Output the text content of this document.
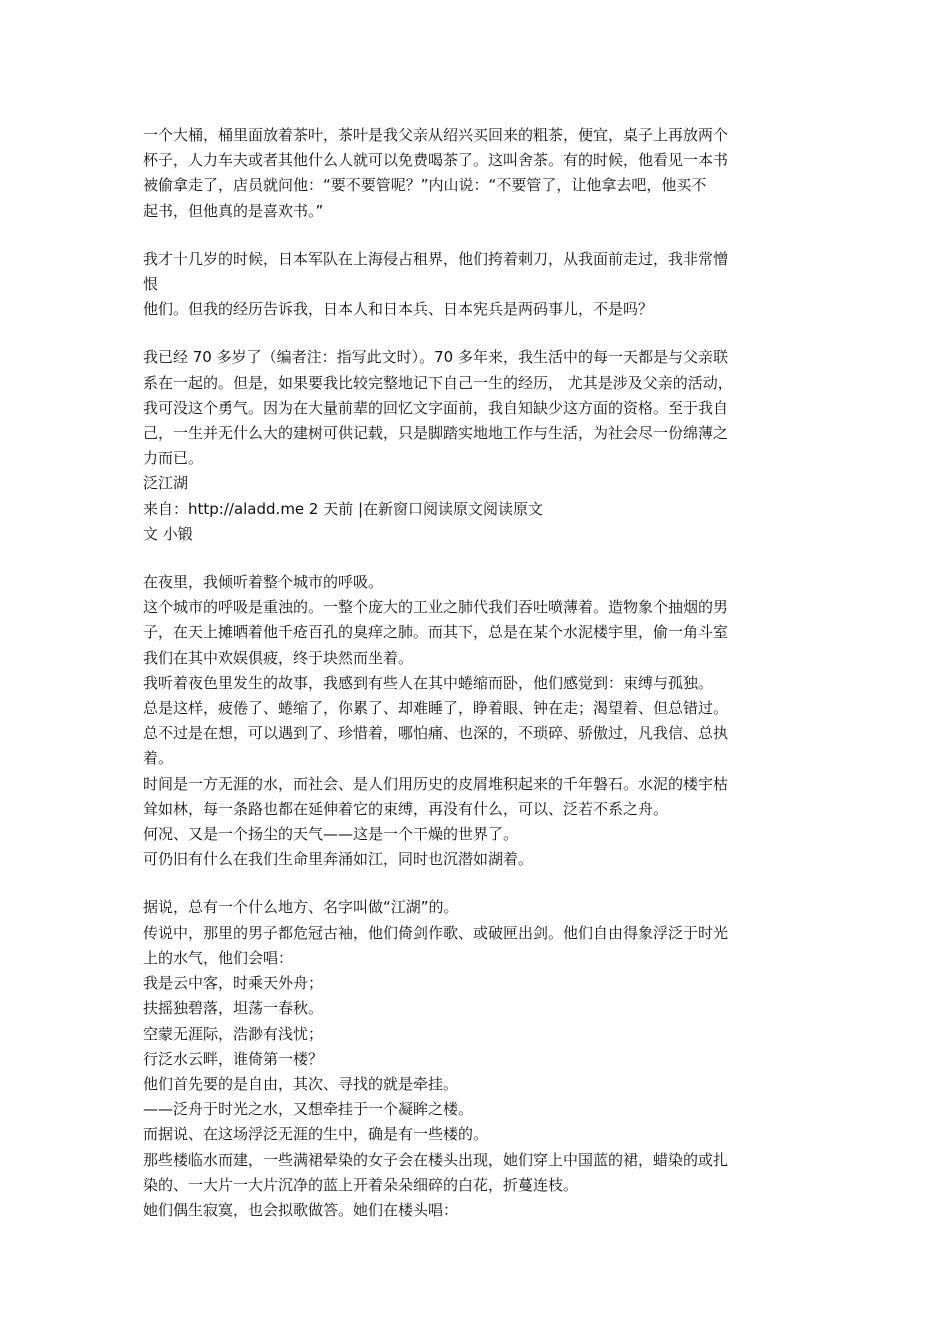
一个大桶，桶里面放着茶叶，茶叶是我父亲从绍兴买回来的粗茶，便宜，桌子上再放两个
杯子，人力车夫或者其他什么人就可以免费喝茶了。这叫舍茶。有的时候，他看见一本书
被偷拿走了，店员就问他：“要不要管呢？”内山说：“不要管了，让他拿去吧，他买不
起书，但他真的是喜欢书。”
我才十几岁的时候，日本军队在上海侵占租界，他们挎着刺刀，从我面前走过，我非常憎
恨
他们。但我的经历告诉我，日本人和日本兵、日本宪兵是两码事儿，不是吗？
我已经 70 多岁了（编者注：指写此文时）。70 多年来，我生活中的每一天都是与父亲联
系在一起的。但是，如果要我比较完整地记下自己一生的经历， 尤其是涉及父亲的活动，
我可没这个勇气。因为在大量前辈的回忆文字面前，我自知缺少这方面的资格。至于我自
己，一生并无什么大的建树可供记载，只是脚踏实地地工作与生活，为社会尽一份绵薄之
力而已。
泛江湖
来自：http://aladd.me 2 天前 |在新窗口阅读原文阅读原文
文 小锻
在夜里，我倾听着整个城市的呼吸。
这个城市的呼吸是重浊的。一整个庞大的工业之肺代我们吞吐喷薄着。造物象个抽烟的男
子，在天上摊晒着他千疮百孔的臭痒之肺。而其下，总是在某个水泥楼宇里，偷一角斗室
我们在其中欢娱俱疲，终于块然而坐着。
我听着夜色里发生的故事，我感到有些人在其中蜷缩而卧，他们感觉到：束缚与孤独。
总是这样，疲倦了、蜷缩了，你累了、却难睡了，睁着眼、钟在走；渴望着、但总错过。
总不过是在想，可以遇到了、珍惜着，哪怕痛、也深的，不琐碎、骄傲过，凡我信、总执
着。
时间是一方无涯的水，而社会、是人们用历史的皮屑堆积起来的千年磐石。水泥的楼宇枯
耸如林，每一条路也都在延伸着它的束缚，再没有什么，可以、泛若不系之舟。
何况、又是一个扬尘的天气——这是一个干燥的世界了。
可仍旧有什么在我们生命里奔涌如江，同时也沉潜如湖着。
据说，总有一个什么地方、名字叫做“江湖”的。
传说中，那里的男子都危冠古袖，他们倚剑作歌、或破匣出剑。他们自由得象浮泛于时光
上的水气，他们会唱：
我是云中客，时乘天外舟；
扶摇独碧落，坦荡一春秋。
空蒙无涯际，浩渺有浅忧；
行泛水云畔，谁倚第一楼？
他们首先要的是自由，其次、寻找的就是牵挂。
——泛舟于时光之水，又想牵挂于一个凝眸之楼。
而据说、在这场浮泛无涯的生中，确是有一些楼的。
那些楼临水而建，一些满裙晕染的女子会在楼头出现，她们穿上中国蓝的裙，蜡染的或扎
染的、一大片一大片沉净的蓝上开着朵朵细碎的白花，折蔓连枝。
她们偶生寂寞，也会拟歌做答。她们在楼头唱：
